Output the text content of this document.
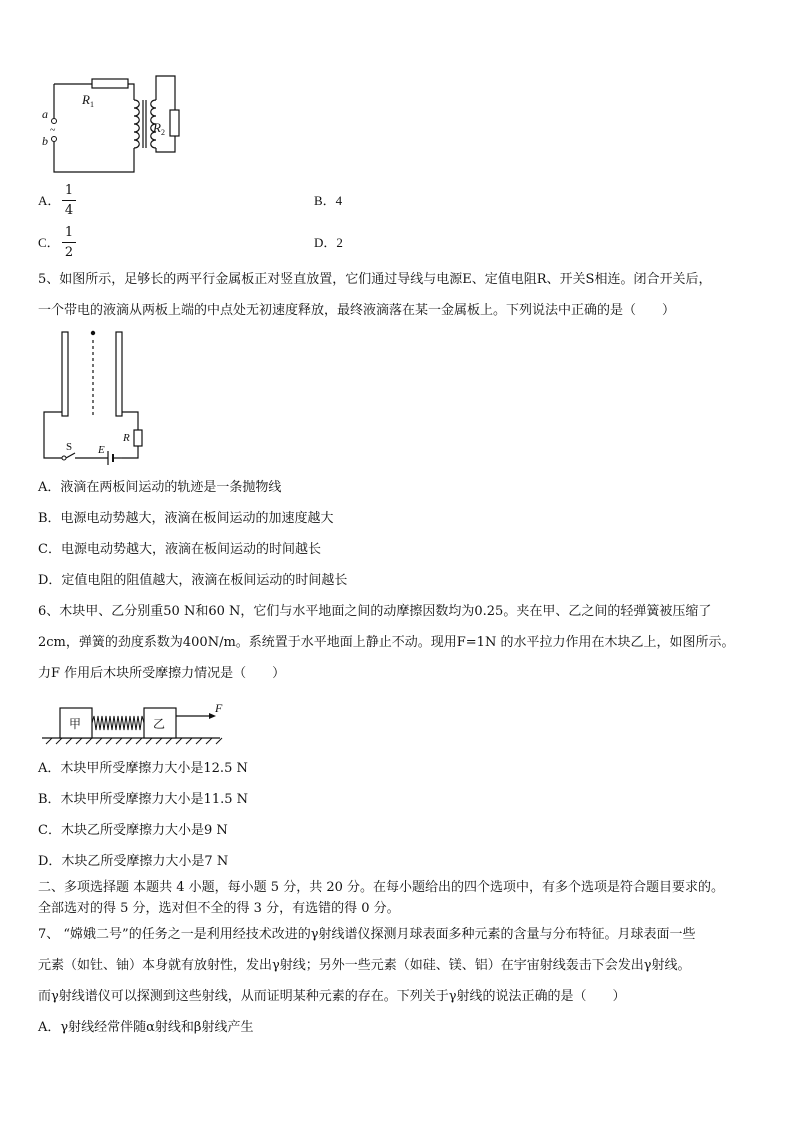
$R_1$
$R_2$
a
~
b
A．
1
4
B．4
C．
1
2
D．2
5、如图所示，足够长的两平行金属板正对竖直放置，它们通过导线与电源E、定值电阻R、开关S相连。闭合开关后，
一个带电的液滴从两板上端的中点处无初速度释放，最终液滴落在某一金属板上。下列说法中正确的是（　　）
S E
R
A．液滴在两板间运动的轨迹是一条抛物线
B．电源电动势越大，液滴在板间运动的加速度越大
C．电源电动势越大，液滴在板间运动的时间越长
D．定值电阻的阻值越大，液滴在板间运动的时间越长
6、木块甲、乙分别重50 N和60 N，它们与水平地面之间的动摩擦因数均为0.25。夹在甲、乙之间的轻弹簧被压缩了
2cm，弹簧的劲度系数为400N/m。系统置于水平地面上静止不动。现用F=1N 的水平拉力作用在木块乙上，如图所示。
力F 作用后木块所受摩擦力情况是（　　）
甲	乙
F
A．木块甲所受摩擦力大小是12.5 N
B．木块甲所受摩擦力大小是11.5 N
C．木块乙所受摩擦力大小是9 N
D．木块乙所受摩擦力大小是7 N
二、多项选择题 本题共 4 小题，每小题 5 分，共 20 分。在每小题给出的四个选项中，有多个选项是符合题目要求的。
全部选对的得 5 分，选对但不全的得 3 分，有选错的得 0 分。
7、 “嫦娥二号”的任务之一是利用经技术改进的γ射线谱仪探测月球表面多种元素的含量与分布特征。月球表面一些
元素（如钍、铀）本身就有放射性，发出γ射线；另外一些元素（如硅、镁、铝）在宇宙射线轰击下会发出γ射线。
而γ射线谱仪可以探测到这些射线，从而证明某种元素的存在。下列关于γ射线的说法正确的是（　　）
A．γ射线经常伴随α射线和β射线产生
